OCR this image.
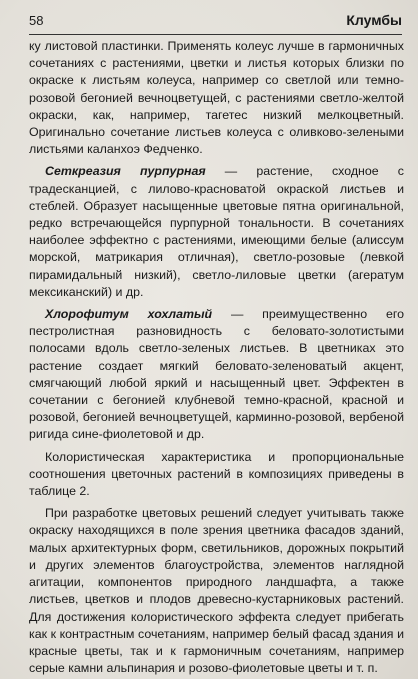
58	Клумбы

ку листовой пластинки. Применять колеус лучше в гармоничных сочетаниях с растениями, цветки и листья которых близки по окраске к листьям колеуса, например со светлой или темно-розовой бегонией вечноцветущей, с растениями светло-желтой окраски, как, например, тагетес низкий мелкоцветный. Оригинально сочетание листьев колеуса с оливково-зелеными листьями каланхоэ Федченко.

Сеткреазия пурпурная — растение, сходное с традесканцией, с лилово-красноватой окраской листьев и стеблей. Образует насыщенные цветовые пятна оригинальной, редко встречающейся пурпурной тональности. В сочетаниях наиболее эффектно с растениями, имеющими белые (алиссум морской, матрикария отличная), светло-розовые (левкой пирамидальный низкий), светло-лиловые цветки (агератум мексиканский) и др.

Хлорофитум хохлатый — преимущественно его пестролистная разновидность с беловато-золотистыми полосами вдоль светло-зеленых листьев. В цветниках это растение создает мягкий беловато-зеленоватый акцент, смягчающий любой яркий и насыщенный цвет. Эффектен в сочетании с бегонией клубневой темно-красной, красной и розовой, бегонией вечноцветущей, карминно-розовой, вербеной ригида сине-фиолетовой и др.

Колористическая характеристика и пропорциональные соотношения цветочных растений в композициях приведены в таблице 2.

При разработке цветовых решений следует учитывать также окраску находящихся в поле зрения цветника фасадов зданий, малых архитектурных форм, светильников, дорожных покрытий и других элементов благоустройства, элементов наглядной агитации, компонентов природного ландшафта, а также листьев, цветков и плодов древесно-кустарниковых растений. Для достижения колористического эффекта следует прибегать как к контрастным сочетаниям, например белый фасад здания и красные цветы, так и к гармоничным сочетаниям, например серые камни альпинария и розово-фиолетовые цветы и т. п.
